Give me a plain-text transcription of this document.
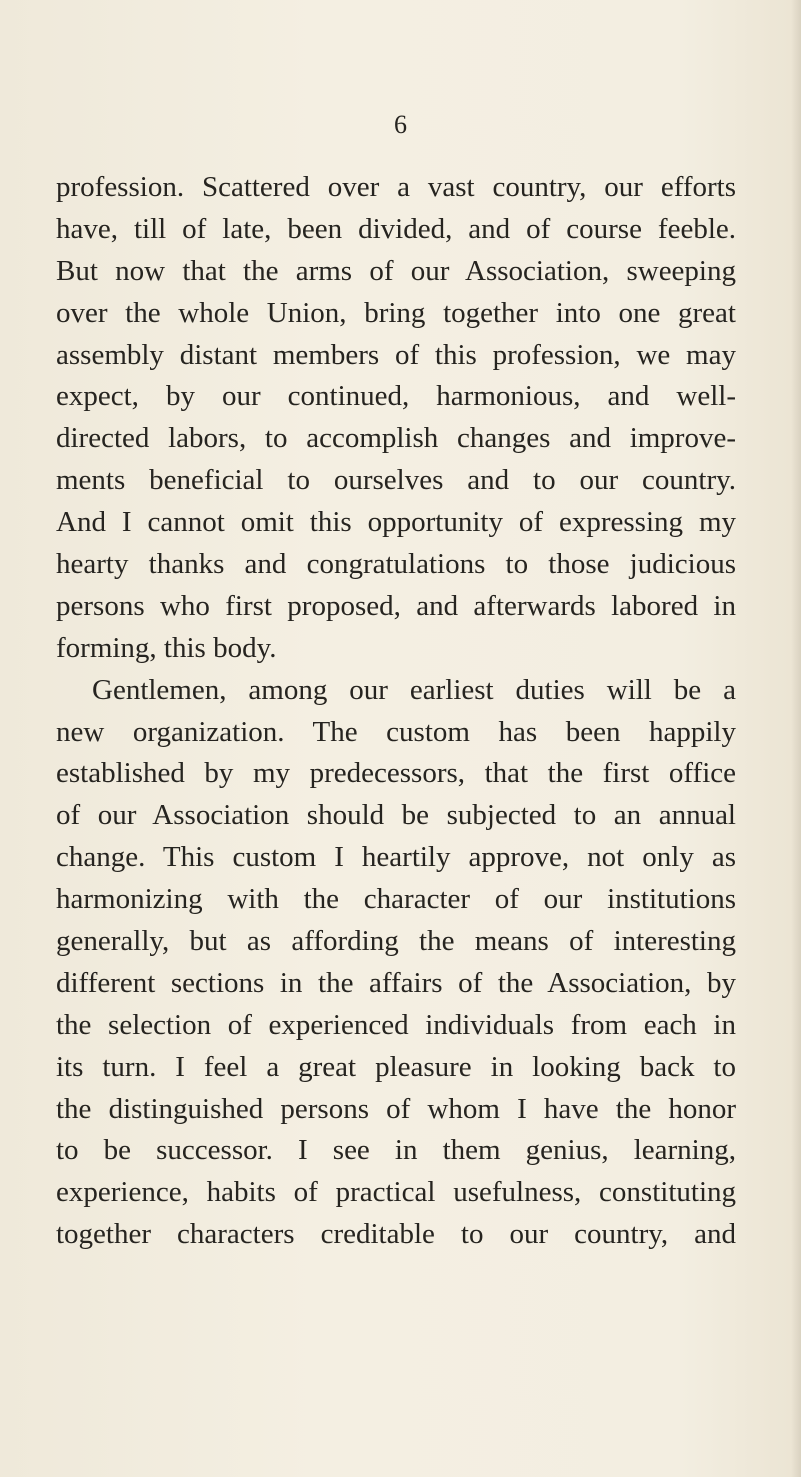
6
profession. Scattered over a vast country, our efforts
have, till of late, been divided, and of course feeble.
But now that the arms of our Association, sweeping
over the whole Union, bring together into one great
assembly distant members of this profession, we may
expect, by our continued, harmonious, and well-
directed labors, to accomplish changes and improve-
ments beneficial to ourselves and to our country.
And I cannot omit this opportunity of expressing my
hearty thanks and congratulations to those judicious
persons who first proposed, and afterwards labored in
forming, this body.
Gentlemen, among our earliest duties will be a
new organization. The custom has been happily
established by my predecessors, that the first office
of our Association should be subjected to an annual
change. This custom I heartily approve, not only as
harmonizing with the character of our institutions
generally, but as affording the means of interesting
different sections in the affairs of the Association, by
the selection of experienced individuals from each in
its turn. I feel a great pleasure in looking back to
the distinguished persons of whom I have the honor
to be successor. I see in them genius, learning,
experience, habits of practical usefulness, constituting
together characters creditable to our country, and
